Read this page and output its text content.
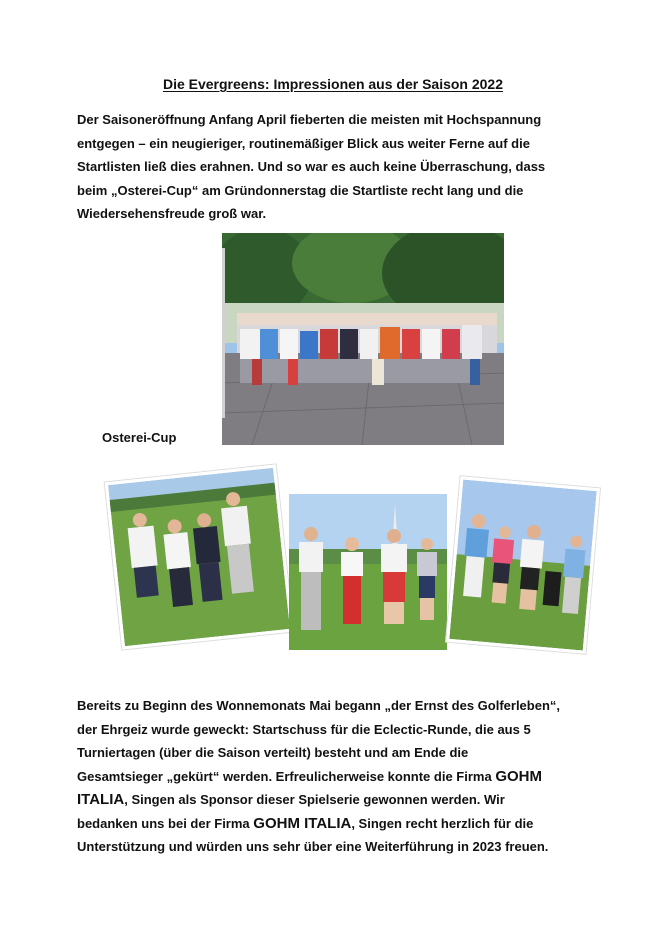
Die Evergreens: Impressionen aus der Saison 2022
Der Saisoneröffnung Anfang April fieberten die meisten mit Hochspannung
entgegen – ein neugieriger, routinemäßiger Blick aus weiter Ferne auf die
Startlisten ließ dies erahnen. Und so war es auch keine Überraschung, dass
beim „Osterei-Cup“ am Gründonnerstag die Startliste recht lang und die
Wiedersehensfreude groß war.
Osterei-Cup
Bereits zu Beginn des Wonnemonats Mai begann „der Ernst des Golferleben“,
der Ehrgeiz wurde geweckt: Startschuss für die Eclectic-Runde, die aus 5
Turniertagen (über die Saison verteilt) besteht und am Ende die
Gesamtsieger „gekürt“ werden. Erfreulicherweise konnte die Firma GOHM
ITALIA, Singen als Sponsor dieser Spielserie gewonnen werden. Wir
bedanken uns bei der Firma GOHM ITALIA, Singen recht herzlich für die
Unterstützung und würden uns sehr über eine Weiterführung in 2023 freuen.
